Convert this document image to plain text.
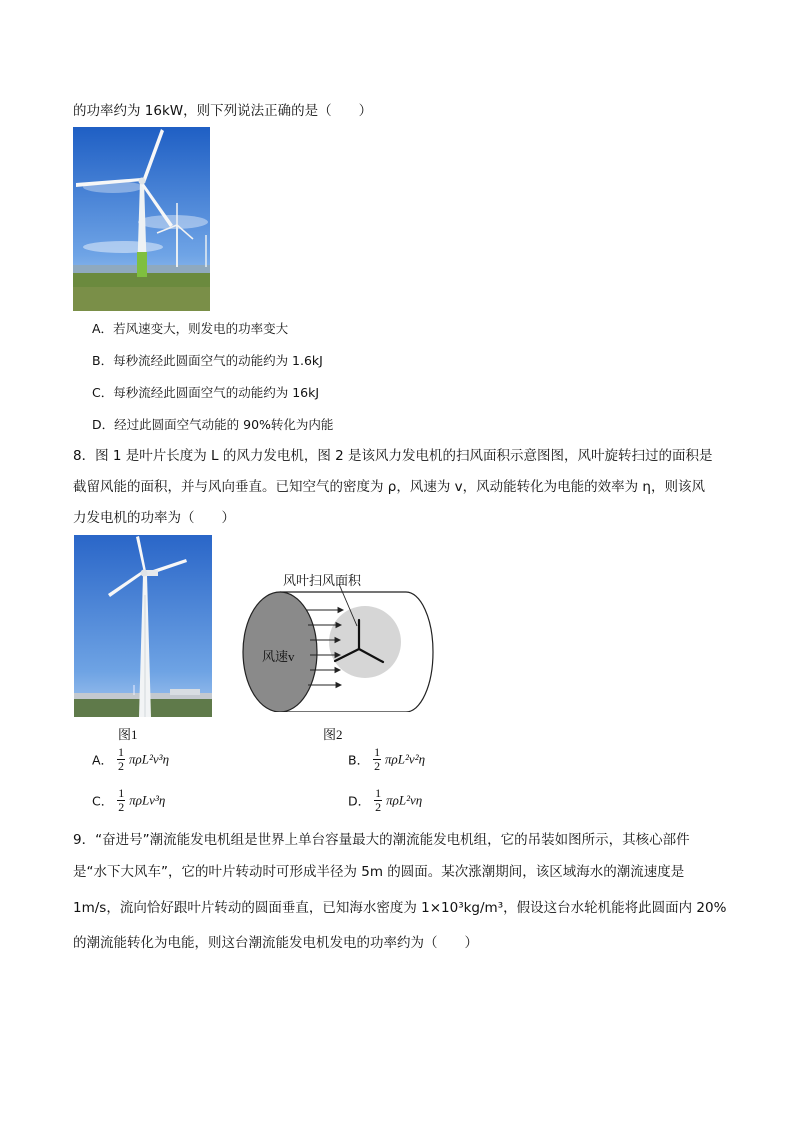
的功率约为 16kW，则下列说法正确的是（　　）
A．若风速变大，则发电的功率变大
B．每秒流经此圆面空气的动能约为 1.6kJ
C．每秒流经此圆面空气的动能约为 16kJ
D．经过此圆面空气动能的 90%转化为内能
8．图 1 是叶片长度为 L 的风力发电机，图 2 是该风力发电机的扫风面积示意图图，风叶旋转扫过的面积是
截留风能的面积，并与风向垂直。已知空气的密度为 ρ，风速为 v，风动能转化为电能的效率为 η，则该风
力发电机的功率为（　　）
风叶扫风面积
风速v
图1	图2
A． $\frac{1}{2} \pi\rho L^2v^3\eta$	B． $\frac{1}{2} \pi\rho L^2v^2\eta$
C． $\frac{1}{2} \pi\rho Lv^3\eta$	D． $\frac{1}{2} \pi\rho L^2v\eta$
9．“奋进号”潮流能发电机组是世界上单台容量最大的潮流能发电机组，它的吊装如图所示，其核心部件
是“水下大风车”，它的叶片转动时可形成半径为 5m 的圆面。某次涨潮期间，该区域海水的潮流速度是
1m/s，流向恰好跟叶片转动的圆面垂直，已知海水密度为 1×10³kg/m³，假设这台水轮机能将此圆面内 20%
的潮流能转化为电能，则这台潮流能发电机发电的功率约为（　　）
